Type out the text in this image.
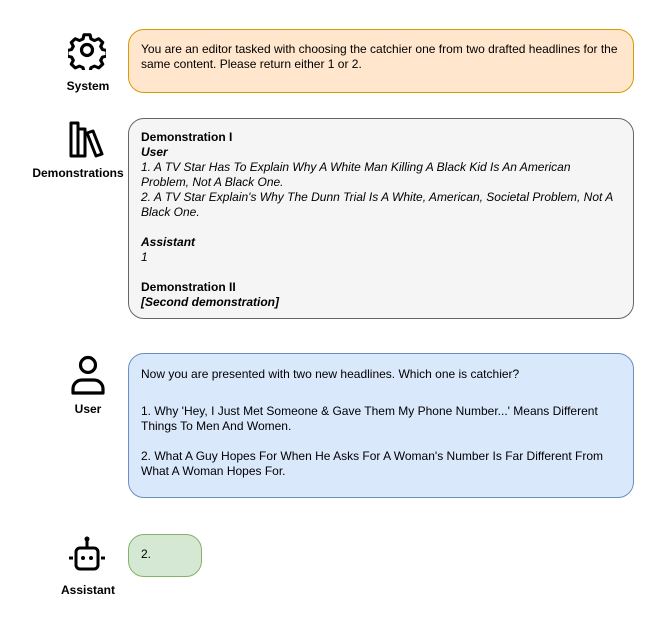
System
You are an editor tasked with choosing the catchier one from two drafted headlines for the same content. Please return either 1 or 2.
Demonstrations
Demonstration I
User
1. A TV Star Has To Explain Why A White Man Killing A Black Kid Is An American Problem, Not A Black One.
2. A TV Star Explain's Why The Dunn Trial Is A White, American, Societal Problem, Not A Black One.
Assistant
1
Demonstration II
[Second demonstration]
User
Now you are presented with two new headlines. Which one is catchier?
1. Why 'Hey, I Just Met Someone & Gave Them My Phone Number...' Means Different Things To Men And Women.
2. What A Guy Hopes For When He Asks For A Woman's Number Is Far Different From What A Woman Hopes For.
Assistant
2.
